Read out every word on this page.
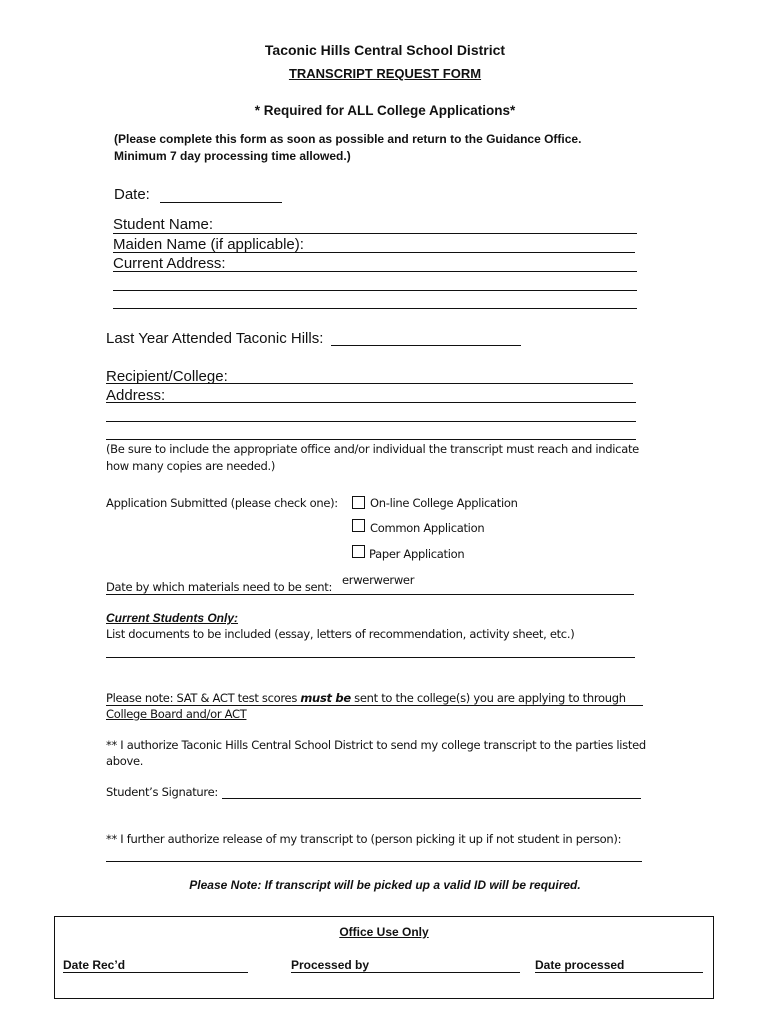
Taconic Hills Central School District
TRANSCRIPT REQUEST FORM
* Required for ALL College Applications*
(Please complete this form as soon as possible and return to the Guidance Office.
Minimum 7 day processing time allowed.)
Date:
Student Name:
Maiden Name (if applicable):
Current Address:
Last Year Attended Taconic Hills:
Recipient/College:
Address:
(Be sure to include the appropriate office and/or individual the transcript must reach and indicate
how many copies are needed.)
Application Submitted (please check one):	On-line College Application
Common Application
Paper Application
Date by which materials need to be sent: erwerwerwer
Current Students Only:
List documents to be included (essay, letters of recommendation, activity sheet, etc.)
Please note: SAT & ACT test scores must be sent to the college(s) you are applying to through
College Board and/or ACT
** I authorize Taconic Hills Central School District to send my college transcript to the parties listed
above.
Student’s Signature:
** I further authorize release of my transcript to (person picking it up if not student in person):
Please Note: If transcript will be picked up a valid ID will be required.
Office Use Only
Date Rec’d	Processed by	Date processed
